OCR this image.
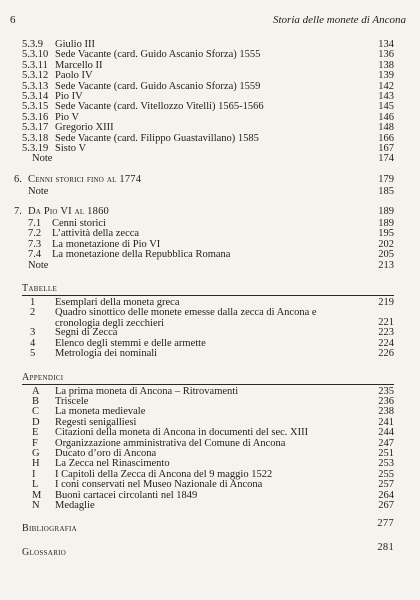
6	Storia delle monete di Ancona
5.3.9 Giulio III	134
5.3.10 Sede Vacante (card. Guido Ascanio Sforza) 1555	136
5.3.11 Marcello II	138
5.3.12 Paolo IV	139
5.3.13 Sede Vacante (card. Guido Ascanio Sforza) 1559	142
5.3.14 Pio IV	143
5.3.15 Sede Vacante (card. Vitellozzo Vitelli) 1565-1566	145
5.3.16 Pio V	146
5.3.17 Gregorio XIII	148
5.3.18 Sede Vacante (card. Filippo Guastavillano) 1585	166
5.3.19 Sisto V	167
Note	174
6. Cenni storici fino al 1774	179
Note	185
7. Da Pio VI al 1860	189
7.1 Cenni storici	189
7.2 L’attività della zecca	195
7.3 La monetazione di Pio VI	202
7.4 La monetazione della Repubblica Romana	205
Note	213
Tabelle
1 Esemplari della moneta greca	219
2 Quadro sinottico delle monete emesse dalla zecca di Ancona e cronologia degli zecchieri	221
3 Segni di Zecca	223
4 Elenco degli stemmi e delle armette	224
5 Metrologia dei nominali	226
Appendici
A La prima moneta di Ancona – Ritrovamenti	235
B Triscele	236
C La moneta medievale	238
D Regesti senigalliesi	241
E Citazioni della moneta di Ancona in documenti del sec. XIII	244
F Organizzazione amministrativa del Comune di Ancona	247
G Ducato d’oro di Ancona	251
H La Zecca nel Rinascimento	253
I I Capitoli della Zecca di Ancona del 9 maggio 1522	255
L I coni conservati nel Museo Nazionale di Ancona	257
M Buoni cartacei circolanti nel 1849	264
N Medaglie	267
Bibliografia	277
Glossario	281
